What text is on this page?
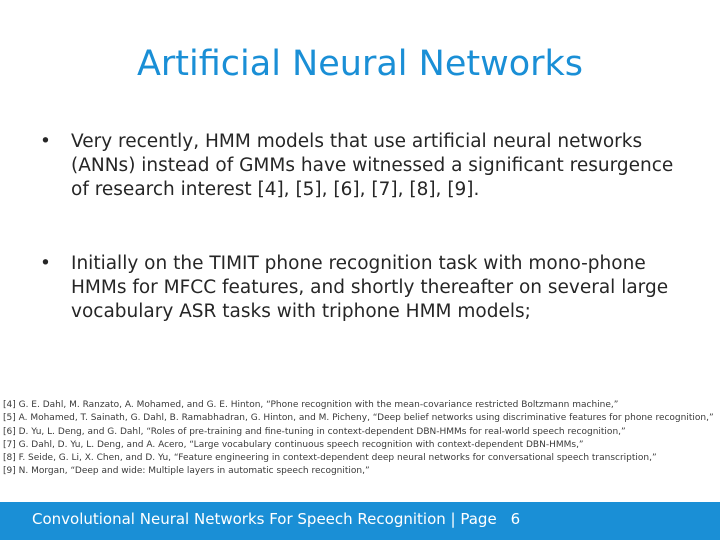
Artificial Neural Networks
• Very recently, HMM models that use artificial neural networks (ANNs) instead of GMMs have witnessed a significant resurgence of research interest [4], [5], [6], [7], [8], [9].
• Initially on the TIMIT phone recognition task with mono-phone HMMs for MFCC features, and shortly thereafter on several large vocabulary ASR tasks with triphone HMM models;
[4] G. E. Dahl, M. Ranzato, A. Mohamed, and G. E. Hinton, “Phone recognition with the mean-covariance restricted Boltzmann machine,”
[5] A. Mohamed, T. Sainath, G. Dahl, B. Ramabhadran, G. Hinton, and M. Picheny, “Deep belief networks using discriminative features for phone recognition,”
[6] D. Yu, L. Deng, and G. Dahl, “Roles of pre-training and fine-tuning in context-dependent DBN-HMMs for real-world speech recognition,”
[7] G. Dahl, D. Yu, L. Deng, and A. Acero, “Large vocabulary continuous speech recognition with context-dependent DBN-HMMs,”
[8] F. Seide, G. Li, X. Chen, and D. Yu, “Feature engineering in context-dependent deep neural networks for conversational speech transcription,”
[9] N. Morgan, “Deep and wide: Multiple layers in automatic speech recognition,”
Convolutional Neural Networks For Speech Recognition | Page 6
